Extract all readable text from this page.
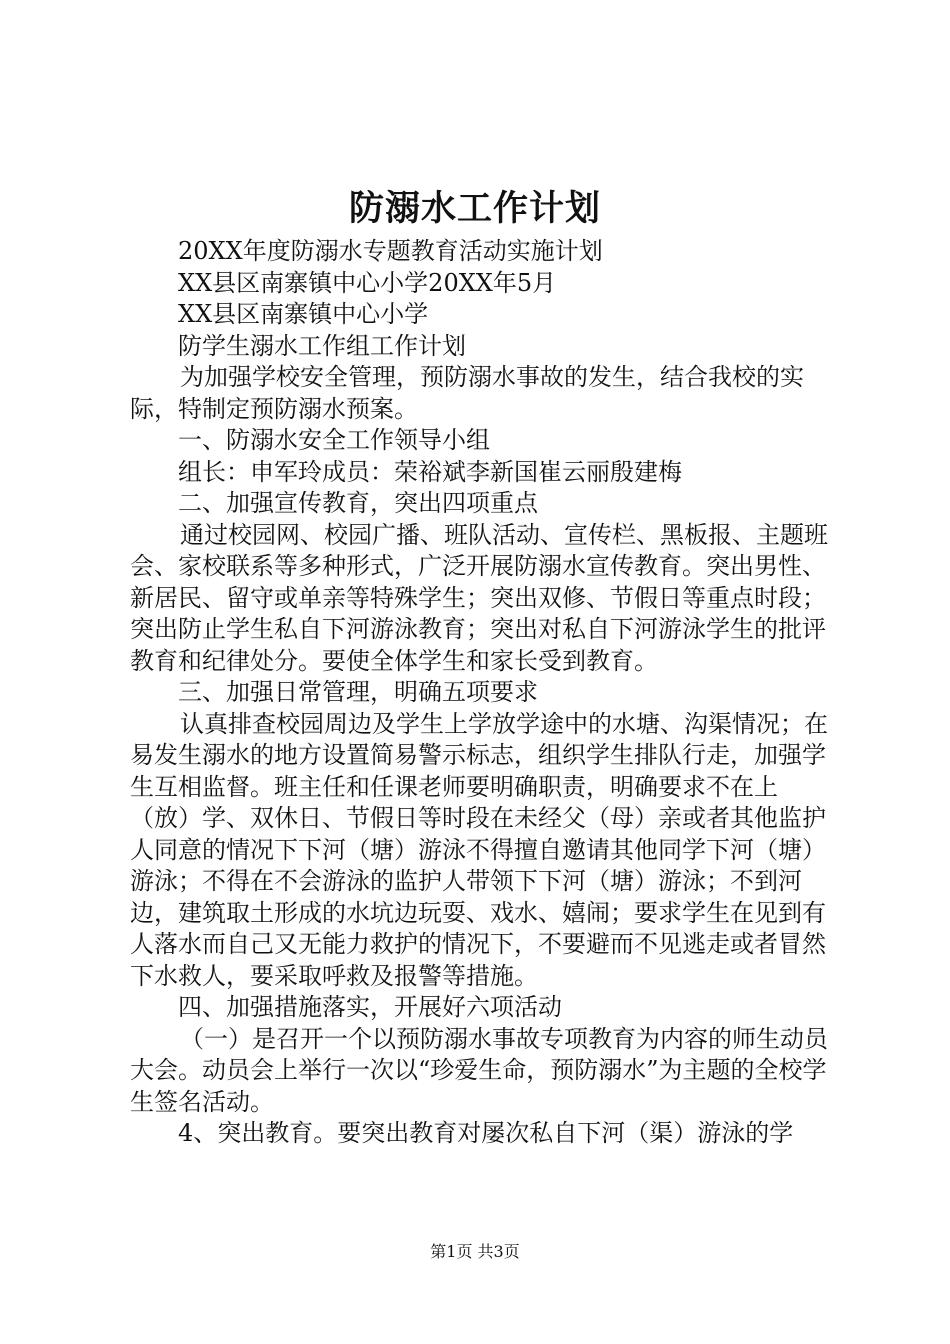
防溺水工作计划

20XX年度防溺水专题教育活动实施计划

XX县区南寨镇中心小学20XX年5月

XX县区南寨镇中心小学

防学生溺水工作组工作计划

为加强学校安全管理，预防溺水事故的发生，结合我校的实际，特制定预防溺水预案。

一、防溺水安全工作领导小组

组长：申军玲成员：荣裕斌李新国崔云丽殷建梅

二、加强宣传教育，突出四项重点

通过校园网、校园广播、班队活动、宣传栏、黑板报、主题班会、家校联系等多种形式，广泛开展防溺水宣传教育。突出男性、新居民、留守或单亲等特殊学生；突出双修、节假日等重点时段；突出防止学生私自下河游泳教育；突出对私自下河游泳学生的批评教育和纪律处分。要使全体学生和家长受到教育。

三、加强日常管理，明确五项要求

认真排查校园周边及学生上学放学途中的水塘、沟渠情况；在易发生溺水的地方设置简易警示标志，组织学生排队行走，加强学生互相监督。班主任和任课老师要明确职责，明确要求不在上（放）学、双休日、节假日等时段在未经父（母）亲或者其他监护人同意的情况下下河（塘）游泳不得擅自邀请其他同学下河（塘）游泳；不得在不会游泳的监护人带领下下河（塘）游泳；不到河边，建筑取土形成的水坑边玩耍、戏水、嬉闹；要求学生在见到有人落水而自己又无能力救护的情况下，不要避而不见逃走或者冒然下水救人，要采取呼救及报警等措施。

四、加强措施落实，开展好六项活动

（一）是召开一个以预防溺水事故专项教育为内容的师生动员大会。动员会上举行一次以“珍爱生命，预防溺水”为主题的全校学生签名活动。

4、突出教育。要突出教育对屡次私自下河（渠）游泳的学

第1页 共3页
